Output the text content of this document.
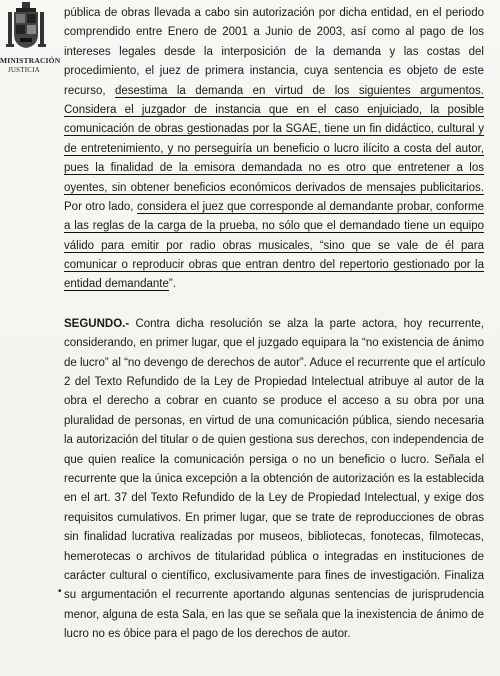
MINISTRACIÓN
JUSTICIA
pública de obras llevada a cabo sin autorización por dicha entidad, en el periodo
comprendido entre Enero de 2001 a Junio de 2003, así como al pago de los
intereses legales desde la interposición de la demanda y las costas del
procedimiento, el juez de primera instancia, cuya sentencia es objeto de este
recurso, desestima la demanda en virtud de los siguientes argumentos.
Considera el juzgador de instancia que en el caso enjuiciado, la posible
comunicación de obras gestionadas por la SGAE, tiene un fin didáctico, cultural y
de entretenimiento, y no perseguiría un beneficio o lucro ilícito a costa del autor,
pues la finalidad de la emisora demandada no es otro que entretener a los
oyentes, sin obtener beneficios económicos derivados de mensajes publicitarios.
Por otro lado, considera el juez que corresponde al demandante probar, conforme
a las reglas de la carga de la prueba, no sólo que el demandado tiene un equipo
válido para emitir por radio obras musicales, “sino que se vale de él para
comunicar o reproducir obras que entran dentro del repertorio gestionado por la
entidad demandante”.
SEGUNDO.- Contra dicha resolución se alza la parte actora, hoy recurrente,
considerando, en primer lugar, que el juzgado equipara la “no existencia de ánimo
de lucro” al “no devengo de derechos de autor”. Aduce el recurrente que el artículo
2 del Texto Refundido de la Ley de Propiedad Intelectual atribuye al autor de la
obra el derecho a cobrar en cuanto se produce el acceso a su obra por una
pluralidad de personas, en virtud de una comunicación pública, siendo necesaria
la autorización del titular o de quien gestiona sus derechos, con independencia de
que quien realice la comunicación persiga o no un beneficio o lucro. Señala el
recurrente que la única excepción a la obtención de autorización es la establecida
en el art. 37 del Texto Refundido de la Ley de Propiedad Intelectual, y exige dos
requisitos cumulativos. En primer lugar, que se trate de reproducciones de obras
sin finalidad lucrativa realizadas por museos, bibliotecas, fonotecas, filmotecas,
hemerotecas o archivos de titularidad pública o integradas en instituciones de
carácter cultural o científico, exclusivamente para fines de investigación. Finaliza
su argumentación el recurrente aportando algunas sentencias de jurisprudencia
menor, alguna de esta Sala, en las que se señala que la inexistencia de ánimo de
lucro no es óbice para el pago de los derechos de autor.
•
